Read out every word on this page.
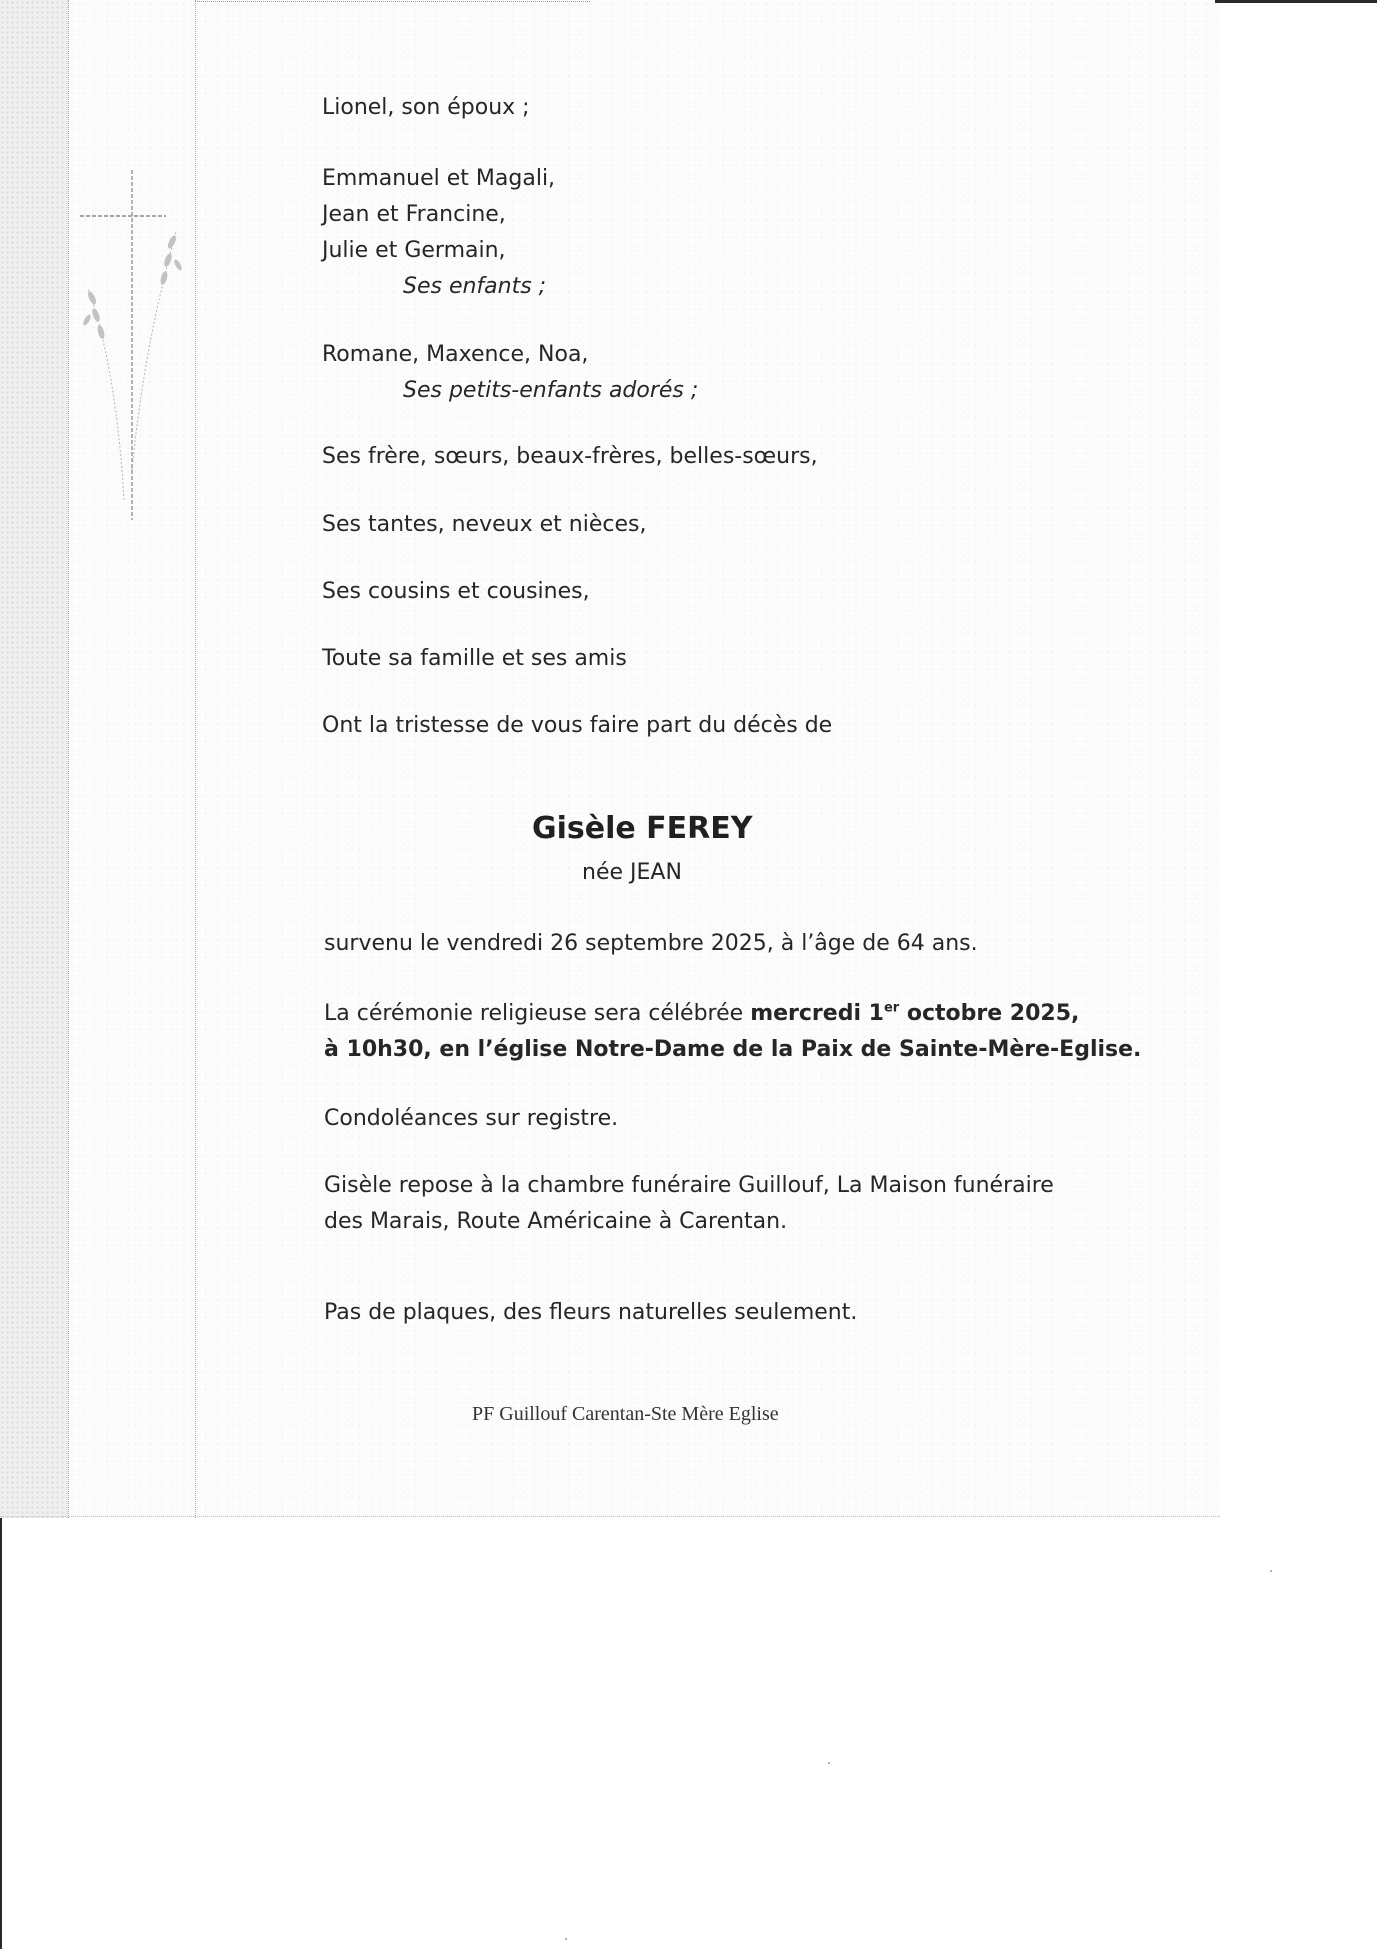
Lionel, son époux ;

Emmanuel et Magali,

Jean et Francine,

Julie et Germain,

Ses enfants ;

Romane, Maxence, Noa,

Ses petits-enfants adorés ;

Ses frère, sœurs, beaux-frères, belles-sœurs,

Ses tantes, neveux et nièces,

Ses cousins et cousines,

Toute sa famille et ses amis

Ont la tristesse de vous faire part du décès de

Gisèle FEREY

née JEAN

survenu le vendredi 26 septembre 2025, à l’âge de 64 ans.

La cérémonie religieuse sera célébrée mercredi 1er octobre 2025,

à 10h30, en l’église Notre-Dame de la Paix de Sainte-Mère-Eglise.

Condoléances sur registre.

Gisèle repose à la chambre funéraire Guillouf, La Maison funéraire

des Marais, Route Américaine à Carentan.

Pas de plaques, des fleurs naturelles seulement.

PF Guillouf Carentan-Ste Mère Eglise
